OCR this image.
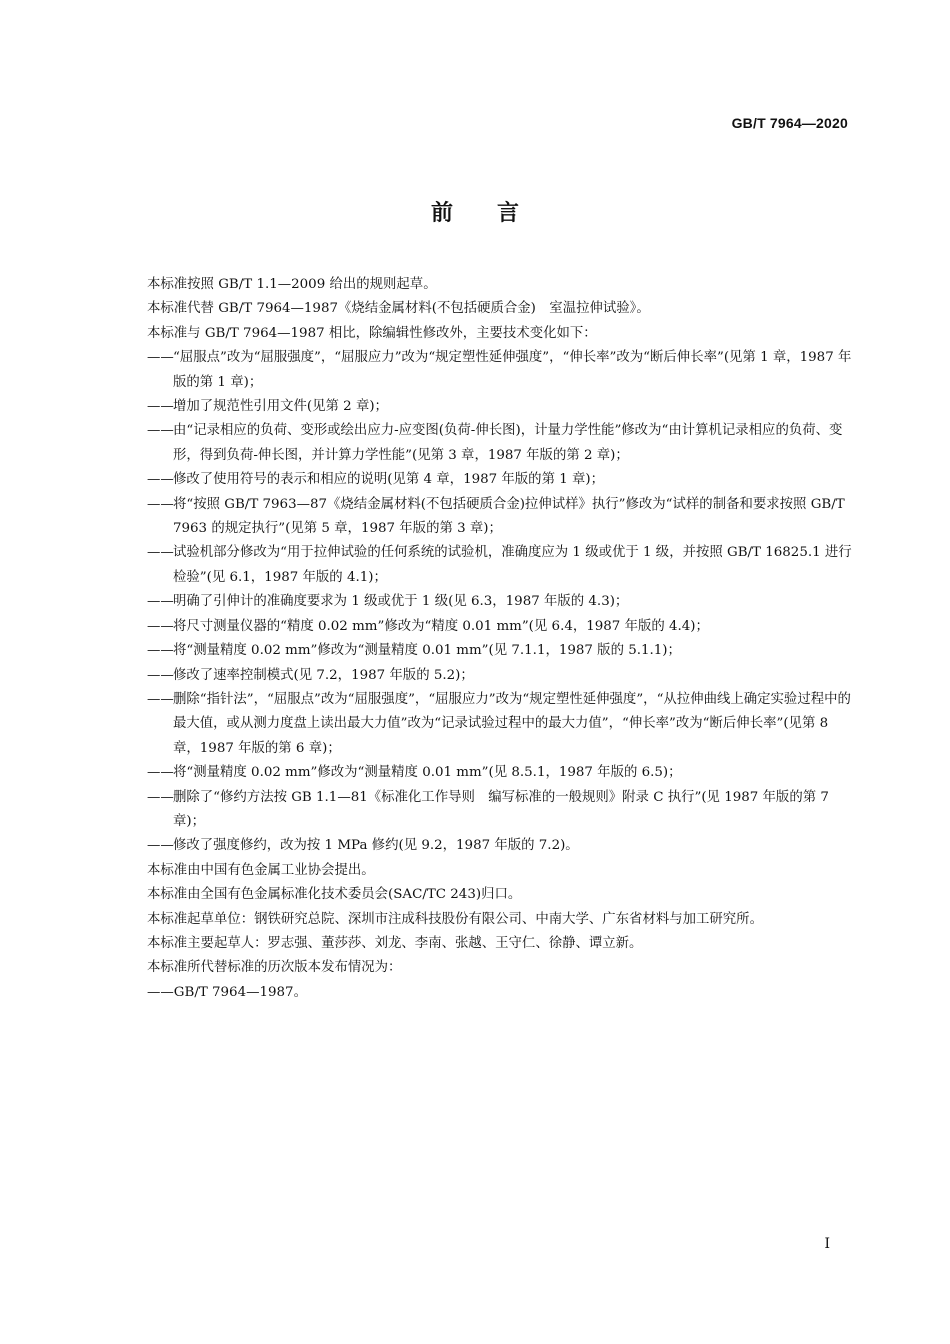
GB/T 7964—2020
前言

本标准按照 GB/T 1.1—2009 给出的规则起草。

本标准代替 GB/T 7964—1987《烧结金属材料(不包括硬质合金)　室温拉伸试验》。

本标准与 GB/T 7964—1987 相比，除编辑性修改外，主要技术变化如下：

—— “屈服点”改为“屈服强度”，“屈服应力”改为“规定塑性延伸强度”，“伸长率”改为“断后伸长率”(见第 1 章，1987 年版的第 1 章)；

—— 增加了规范性引用文件(见第 2 章)；

—— 由“记录相应的负荷、变形或绘出应力-应变图(负荷-伸长图)，计量力学性能”修改为“由计算机记录相应的负荷、变形，得到负荷-伸长图，并计算力学性能”(见第 3 章，1987 年版的第 2 章)；

—— 修改了使用符号的表示和相应的说明(见第 4 章，1987 年版的第 1 章)；

—— 将“按照 GB/T 7963—87《烧结金属材料(不包括硬质合金)拉伸试样》执行”修改为“试样的制备和要求按照 GB/T 7963 的规定执行”(见第 5 章，1987 年版的第 3 章)；

—— 试验机部分修改为“用于拉伸试验的任何系统的试验机，准确度应为 1 级或优于 1 级，并按照 GB/T 16825.1 进行检验”(见 6.1，1987 年版的 4.1)；

—— 明确了引伸计的准确度要求为 1 级或优于 1 级(见 6.3，1987 年版的 4.3)；

—— 将尺寸测量仪器的“精度 0.02 mm”修改为“精度 0.01 mm”(见 6.4，1987 年版的 4.4)；

—— 将“测量精度 0.02 mm”修改为“测量精度 0.01 mm”(见 7.1.1，1987 版的 5.1.1)；

—— 修改了速率控制模式(见 7.2，1987 年版的 5.2)；

—— 删除“指针法”，“屈服点”改为“屈服强度”，“屈服应力”改为“规定塑性延伸强度”，“从拉伸曲线上确定实验过程中的最大值，或从测力度盘上读出最大力值”改为“记录试验过程中的最大力值”，“伸长率”改为“断后伸长率”(见第 8 章，1987 年版的第 6 章)；

—— 将“测量精度 0.02 mm”修改为“测量精度 0.01 mm”(见 8.5.1，1987 年版的 6.5)；

—— 删除了“修约方法按 GB 1.1—81《标准化工作导则　编写标准的一般规则》附录 C 执行”(见 1987 年版的第 7 章)；

—— 修改了强度修约，改为按 1 MPa 修约(见 9.2，1987 年版的 7.2)。

本标准由中国有色金属工业协会提出。

本标准由全国有色金属标准化技术委员会(SAC/TC 243)归口。

本标准起草单位：钢铁研究总院、深圳市注成科技股份有限公司、中南大学、广东省材料与加工研究所。

本标准主要起草人：罗志强、董莎莎、刘龙、李南、张越、王守仁、徐静、谭立新。

本标准所代替标准的历次版本发布情况为：

——GB/T 7964—1987。

I
